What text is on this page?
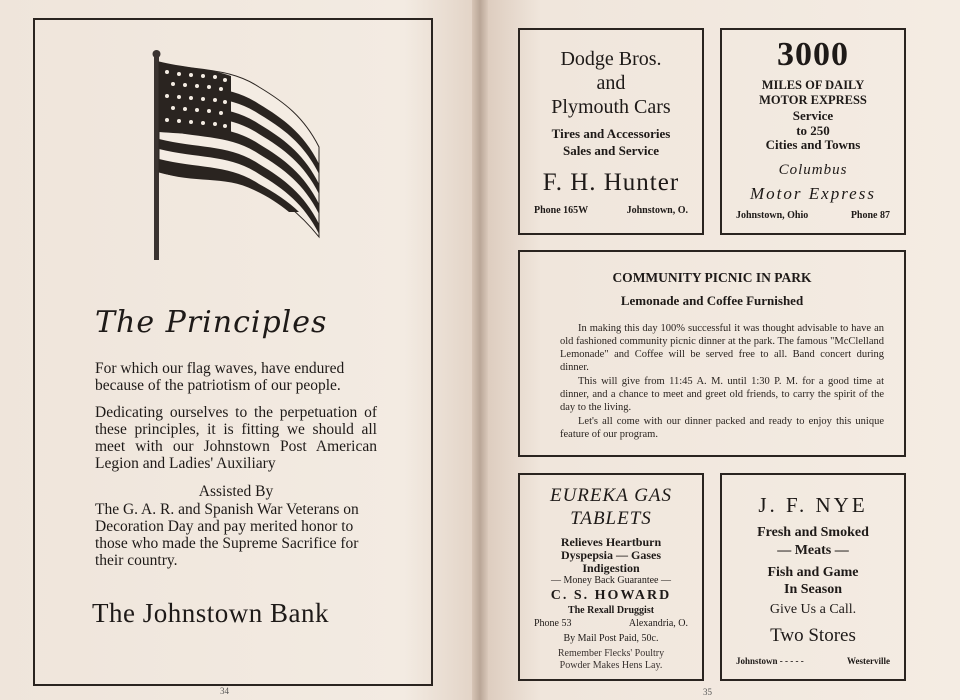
The Principles
For which our flag waves, have endured because of the patriotism of our people.
Dedicating ourselves to the perpetuation of these principles, it is fitting we should all meet with our Johnstown Post American Legion and Ladies' Auxiliary
Assisted By
The G. A. R. and Spanish War Veterans on Decoration Day and pay merited honor to those who made the Supreme Sacrifice for their country.
The Johnstown Bank
34
Dodge Bros.
and
Plymouth Cars
Tires and Accessories
Sales and Service
F. H. Hunter
Phone 165W	Johnstown, O.
3000
MILES OF DAILY
MOTOR EXPRESS
Service
to 250
Cities and Towns
Columbus
Motor Express
Johnstown, Ohio	Phone 87
COMMUNITY PICNIC IN PARK
Lemonade and Coffee Furnished
In making this day 100% successful it was thought advisable to have an old fashioned community picnic dinner at the park. The famous "McClelland Lemonade" and Coffee will be served free to all. Band concert during dinner.
This will give from 11:45 A. M. until 1:30 P. M. for a good time at dinner, and a chance to meet and greet old friends, to carry the spirit of the day to the living.
Let's all come with our dinner packed and ready to enjoy this unique feature of our program.
EUREKA GAS
TABLETS
Relieves Heartburn
Dyspepsia — Gases
Indigestion
— Money Back Guarantee —
C. S. HOWARD
The Rexall Druggist
Phone 53	Alexandria, O.
By Mail Post Paid, 50c.
Remember Flecks' Poultry
Powder Makes Hens Lay.
J. F. NYE
Fresh and Smoked
— Meats —
Fish and Game
In Season
Give Us a Call.
Two Stores
Johnstown - - - - -	Westerville
35
